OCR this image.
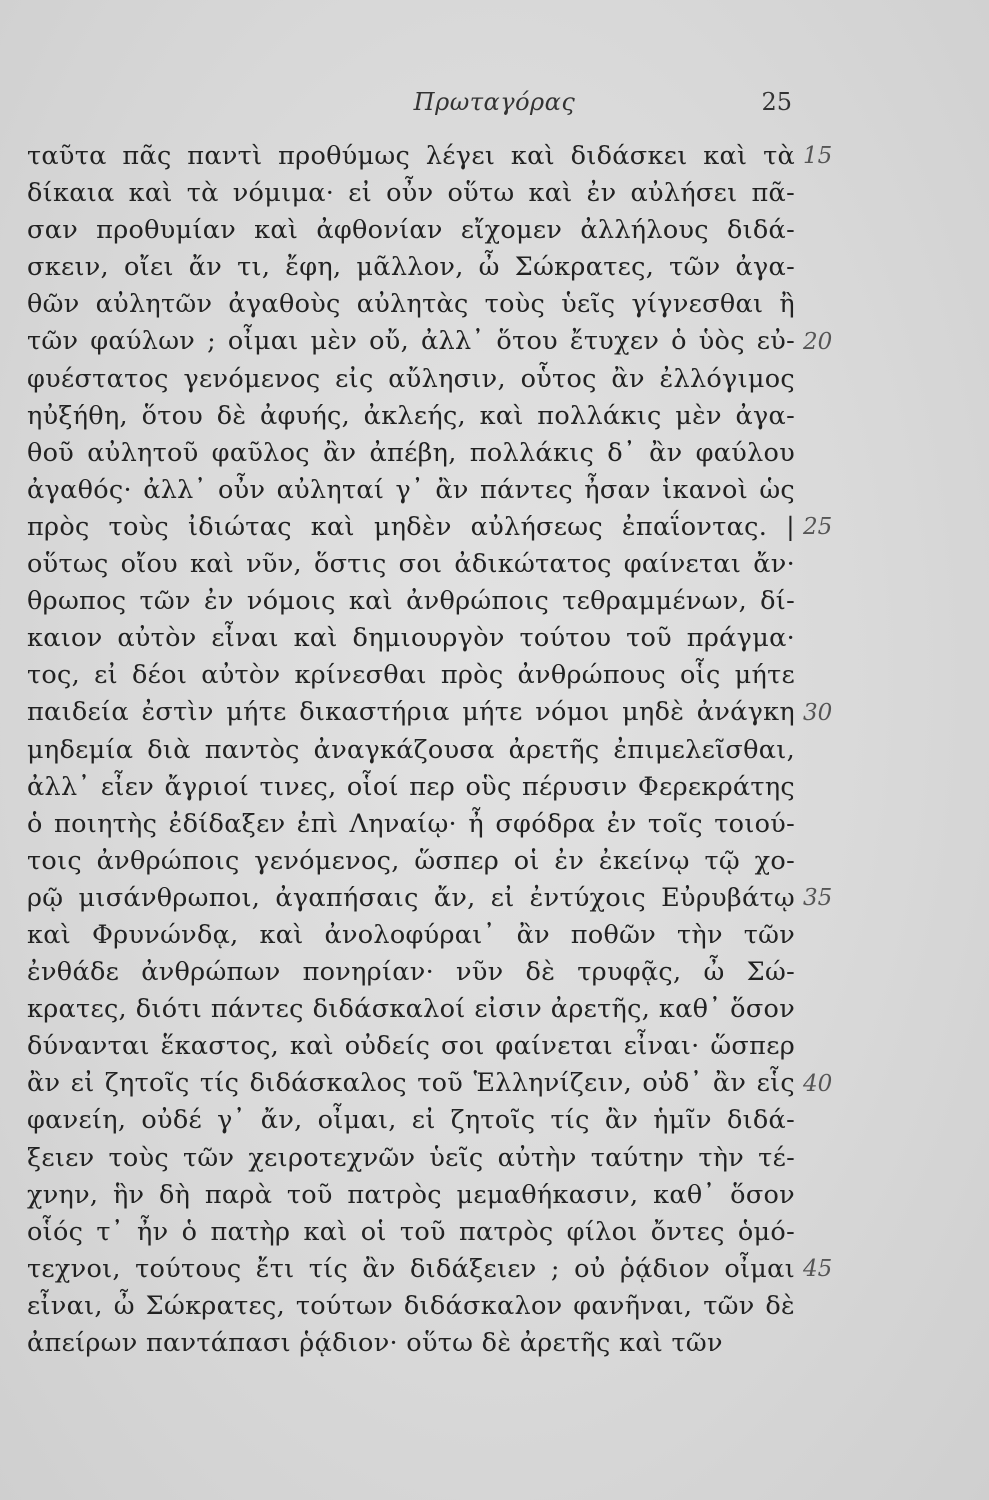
Πρωταγόρας	25
ταῦτα πᾶς παντὶ προθύμως λέγει καὶ διδάσκει καὶ τὰ
δίκαια καὶ τὰ νόμιμα· εἰ οὖν οὕτω καὶ ἐν αὐλήσει πᾶ-
σαν προθυμίαν καὶ ἀφθονίαν εἴχομεν ἀλλήλους διδά-
σκειν, οἴει ἄν τι, ἔφη, μᾶλλον, ὦ Σώκρατες, τῶν ἀγα-
θῶν αὐλητῶν ἀγαθοὺς αὐλητὰς τοὺς ὑεῖς γίγνεσθαι ἢ
τῶν φαύλων ; οἶμαι μὲν οὔ, ἀλλ᾽ ὅτου ἔτυχεν ὁ ὑὸς εὐ-
φυέστατος γενόμενος εἰς αὔλησιν, οὗτος ἂν ἐλλόγιμος
ηὐξήθη, ὅτου δὲ ἀφυής, ἀκλεής, καὶ πολλάκις μὲν ἀγα-
θοῦ αὐλητοῦ φαῦλος ἂν ἀπέβη, πολλάκις δ᾽ ἂν φαύλου
ἀγαθός· ἀλλ᾽ οὖν αὐληταί γ᾽ ἂν πάντες ἦσαν ἱκανοὶ ὡς
πρὸς τοὺς ἰδιώτας καὶ μηδὲν αὐλήσεως ἐπαΐοντας. |
οὕτως οἴου καὶ νῦν, ὅστις σοι ἀδικώτατος φαίνεται ἄν·
θρωπος τῶν ἐν νόμοις καὶ ἀνθρώποις τεθραμμένων, δί-
καιον αὐτὸν εἶναι καὶ δημιουργὸν τούτου τοῦ πράγμα·
τος, εἰ δέοι αὐτὸν κρίνεσθαι πρὸς ἀνθρώπους οἷς μήτε
παιδεία ἐστὶν μήτε δικαστήρια μήτε νόμοι μηδὲ ἀνάγκη
μηδεμία διὰ παντὸς ἀναγκάζουσα ἀρετῆς ἐπιμελεῖσθαι,
ἀλλ᾽ εἶεν ἄγριοί τινες, οἷοί περ οὓς πέρυσιν Φερεκράτης
ὁ ποιητὴς ἐδίδαξεν ἐπὶ Ληναίῳ· ἦ σφόδρα ἐν τοῖς τοιού-
τοις ἀνθρώποις γενόμενος, ὥσπερ οἱ ἐν ἐκείνῳ τῷ χο-
ρῷ μισάνθρωποι, ἀγαπήσαις ἄν, εἰ ἐντύχοις Εὐρυβάτῳ
καὶ Φρυνώνδᾳ, καὶ ἀνολοφύραι᾽ ἂν ποθῶν τὴν τῶν
ἐνθάδε ἀνθρώπων πονηρίαν· νῦν δὲ τρυφᾷς, ὦ Σώ-
κρατες, διότι πάντες διδάσκαλοί εἰσιν ἀρετῆς, καθ᾽ ὅσον
δύνανται ἕκαστος, καὶ οὐδείς σοι φαίνεται εἶναι· ὥσπερ
ἂν εἰ ζητοῖς τίς διδάσκαλος τοῦ Ἑλληνίζειν, οὐδ᾽ ἂν εἷς
φανείη, οὐδέ γ᾽ ἄν, οἶμαι, εἰ ζητοῖς τίς ἂν ἡμῖν διδά-
ξειεν τοὺς τῶν χειροτεχνῶν ὑεῖς αὐτὴν ταύτην τὴν τέ-
χνην, ἣν δὴ παρὰ τοῦ πατρὸς μεμαθήκασιν, καθ᾽ ὅσον
οἷός τ᾽ ἦν ὁ πατὴρ καὶ οἱ τοῦ πατρὸς φίλοι ὄντες ὁμό-
τεχνοι, τούτους ἔτι τίς ἂν διδάξειεν ; οὐ ῥᾴδιον οἶμαι
εἶναι, ὦ Σώκρατες, τούτων διδάσκαλον φανῆναι, τῶν δὲ
ἀπείρων παντάπασι ῥᾴδιον· οὕτω δὲ ἀρετῆς καὶ τῶν
15
20
25
30
35
40
45
